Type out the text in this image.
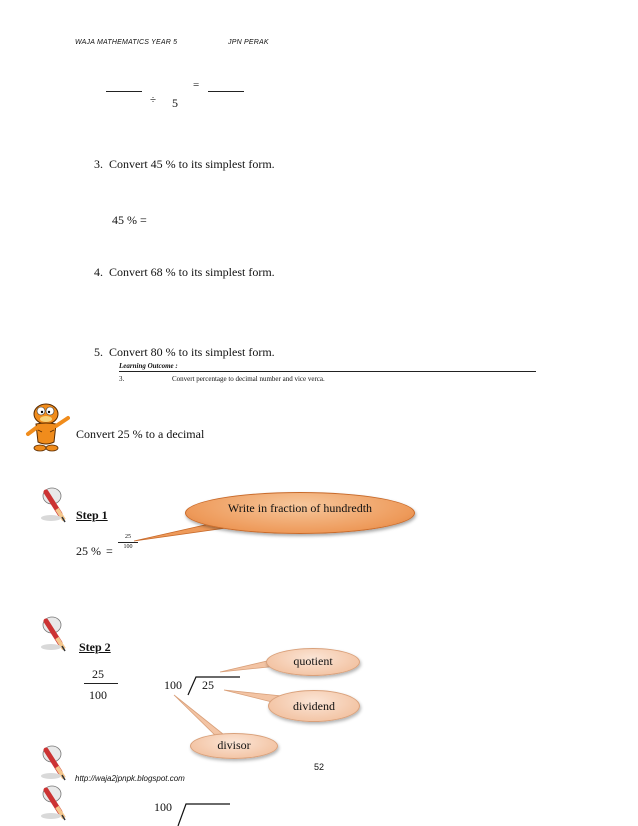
WAJA MATHEMATICS YEAR 5	JPN PERAK
÷ 5
=
3. Convert 45 % to its simplest form.
45 % =
4. Convert 68 % to its simplest form.
5. Convert 80 % to its simplest form.
Learning Outcome :
3.	Convert percentage to decimal number and vice verca.
Convert 25 % to a decimal
Step 1	Write in fraction of hundredth
25 % =
25
100
Step 2
25
100
100 25
quotient
dividend
divisor
52
http://waja2jpnpk.blogspot.com
100
